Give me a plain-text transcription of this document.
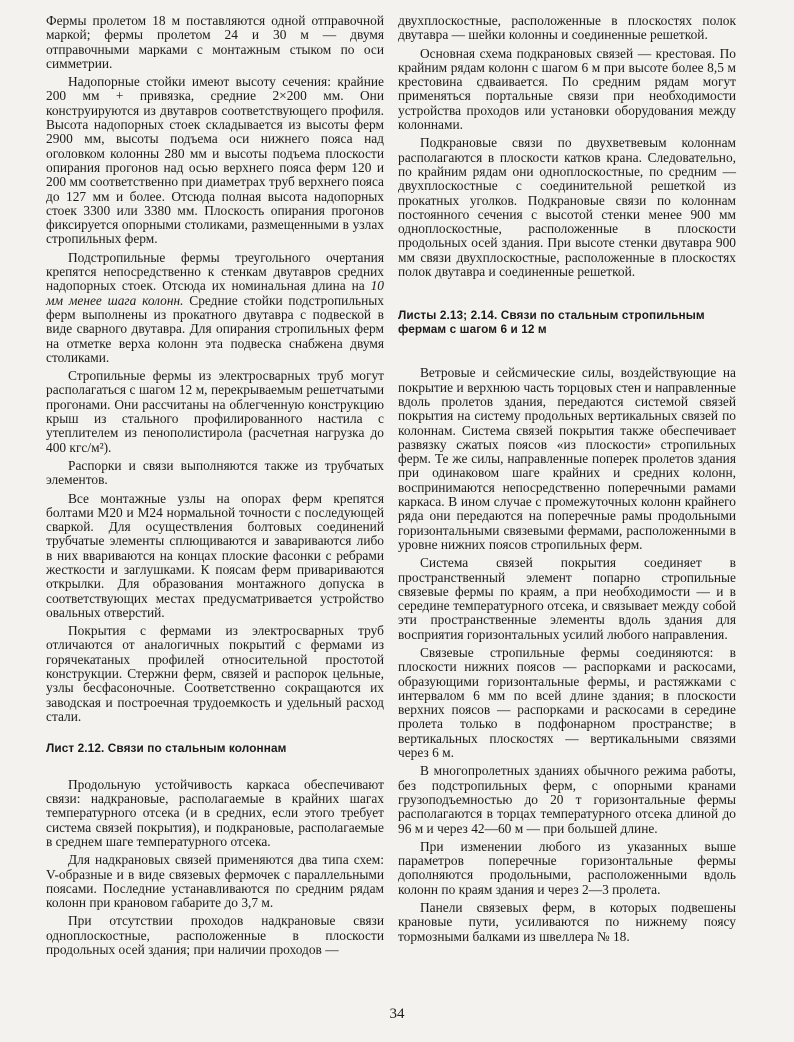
Фермы пролетом 18 м поставляются одной отправочной маркой; фермы пролетом 24 и 30 м — двумя отправочными марками с монтажным стыком по оси симметрии.

Надопорные стойки имеют высоту сечения: крайние 200 мм + привязка, средние 2×200 мм. Они конструируются из двутавров соответствующего профиля. Высота надопорных стоек складывается из высоты ферм 2900 мм, высоты подъема оси нижнего пояса над оголовком колонны 280 мм и высоты подъема плоскости опирания прогонов над осью верхнего пояса ферм 120 и 200 мм соответственно при диаметрах труб верхнего пояса до 127 мм и более. Отсюда полная высота надопорных стоек 3300 или 3380 мм. Плоскость опирания прогонов фиксируется опорными столиками, размещенными в узлах стропильных ферм.

Подстропильные фермы треугольного очертания крепятся непосредственно к стенкам двутавров средних надопорных стоек. Отсюда их номинальная длина на 10 мм менее шага колонн. Средние стойки подстропильных ферм выполнены из прокатного двутавра с подвеской в виде сварного двутавра. Для опирания стропильных ферм на отметке верха колонн эта подвеска снабжена двумя столиками.

Стропильные фермы из электросварных труб могут располагаться с шагом 12 м, перекрываемым решетчатыми прогонами. Они рассчитаны на облегченную конструкцию крыш из стального профилированного настила с утеплителем из пенополистирола (расчетная нагрузка до 400 кгс/м²).

Распорки и связи выполняются также из трубчатых элементов.

Все монтажные узлы на опорах ферм крепятся болтами М20 и М24 нормальной точности с последующей сваркой. Для осуществления болтовых соединений трубчатые элементы сплющиваются и завариваются либо в них ввариваются на концах плоские фасонки с ребрами жесткости и заглушками. К поясам ферм привариваются открылки. Для образования монтажного допуска в соответствующих местах предусматривается устройство овальных отверстий.

Покрытия с фермами из электросварных труб отличаются от аналогичных покрытий с фермами из горячекатаных профилей относительной простотой конструкции. Стержни ферм, связей и распорок цельные, узлы бесфасоночные. Соответственно сокращаются их заводская и построечная трудоемкость и удельный расход стали.

Лист 2.12. Связи по стальным колоннам

Продольную устойчивость каркаса обеспечивают связи: надкрановые, располагаемые в крайних шагах температурного отсека (и в средних, если этого требует система связей покрытия), и подкрановые, располагаемые в среднем шаге температурного отсека.

Для надкрановых связей применяются два типа схем: V-образные и в виде связевых фермочек с параллельными поясами. Последние устанавливаются по средним рядам колонн при крановом габарите до 3,7 м.

При отсутствии проходов надкрановые связи одноплоскостные, расположенные в плоскости продольных осей здания; при наличии проходов —

двухплоскостные, расположенные в плоскостях полок двутавра — шейки колонны и соединенные решеткой.

Основная схема подкрановых связей — крестовая. По крайним рядам колонн с шагом 6 м при высоте более 8,5 м крестовина сдваивается. По средним рядам могут применяться портальные связи при необходимости устройства проходов или установки оборудования между колоннами.

Подкрановые связи по двухветвевым колоннам располагаются в плоскости катков крана. Следовательно, по крайним рядам они одноплоскостные, по средним — двухплоскостные с соединительной решеткой из прокатных уголков. Подкрановые связи по колоннам постоянного сечения с высотой стенки менее 900 мм одноплоскостные, расположенные в плоскости продольных осей здания. При высоте стенки двутавра 900 мм связи двухплоскостные, расположенные в плоскостях полок двутавра и соединенные решеткой.

Листы 2.13; 2.14. Связи по стальным стропильным фермам с шагом 6 и 12 м

Ветровые и сейсмические силы, воздействующие на покрытие и верхнюю часть торцовых стен и направленные вдоль пролетов здания, передаются системой связей покрытия на систему продольных вертикальных связей по колоннам. Система связей покрытия также обеспечивает развязку сжатых поясов «из плоскости» стропильных ферм. Те же силы, направленные поперек пролетов здания при одинаковом шаге крайних и средних колонн, воспринимаются непосредственно поперечными рамами каркаса. В ином случае с промежуточных колонн крайнего ряда они передаются на поперечные рамы продольными горизонтальными связевыми фермами, расположенными в уровне нижних поясов стропильных ферм.

Система связей покрытия соединяет в пространственный элемент попарно стропильные связевые фермы по краям, а при необходимости — и в середине температурного отсека, и связывает между собой эти пространственные элементы вдоль здания для восприятия горизонтальных усилий любого направления.

Связевые стропильные фермы соединяются: в плоскости нижних поясов — распорками и раскосами, образующими горизонтальные фермы, и растяжками с интервалом 6 мм по всей длине здания; в плоскости верхних поясов — распорками и раскосами в середине пролета только в подфонарном пространстве; в вертикальных плоскостях — вертикальными связями через 6 м.

В многопролетных зданиях обычного режима работы, без подстропильных ферм, с опорными кранами грузоподъемностью до 20 т горизонтальные фермы располагаются в торцах температурного отсека длиной до 96 м и через 42—60 м — при большей длине.

При изменении любого из указанных выше параметров поперечные горизонтальные фермы дополняются продольными, расположенными вдоль колонн по краям здания и через 2—3 пролета.

Панели связевых ферм, в которых подвешены крановые пути, усиливаются по нижнему поясу тормозными балками из швеллера № 18.

34
